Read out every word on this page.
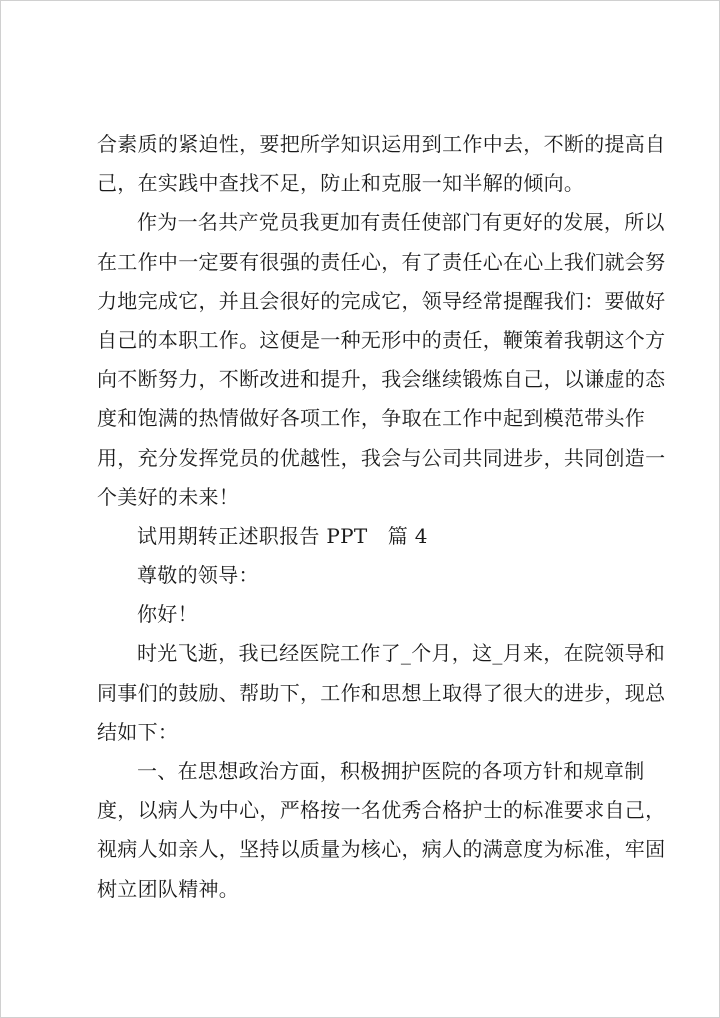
合素质的紧迫性，要把所学知识运用到工作中去，不断的提高自
己，在实践中查找不足，防止和克服一知半解的倾向。
作为一名共产党员我更加有责任使部门有更好的发展，所以
在工作中一定要有很强的责任心，有了责任心在心上我们就会努
力地完成它，并且会很好的完成它，领导经常提醒我们：要做好
自己的本职工作。这便是一种无形中的责任，鞭策着我朝这个方
向不断努力，不断改进和提升，我会继续锻炼自己，以谦虚的态
度和饱满的热情做好各项工作，争取在工作中起到模范带头作
用，充分发挥党员的优越性，我会与公司共同进步，共同创造一
个美好的未来！
试用期转正述职报告 PPT　篇 4
尊敬的领导：
你好！
时光飞逝，我已经医院工作了_个月，这_月来，在院领导和
同事们的鼓励、帮助下，工作和思想上取得了很大的进步，现总
结如下：
一、在思想政治方面，积极拥护医院的各项方针和规章制
度，以病人为中心，严格按一名优秀合格护士的标准要求自己，
视病人如亲人，坚持以质量为核心，病人的满意度为标准，牢固
树立团队精神。
